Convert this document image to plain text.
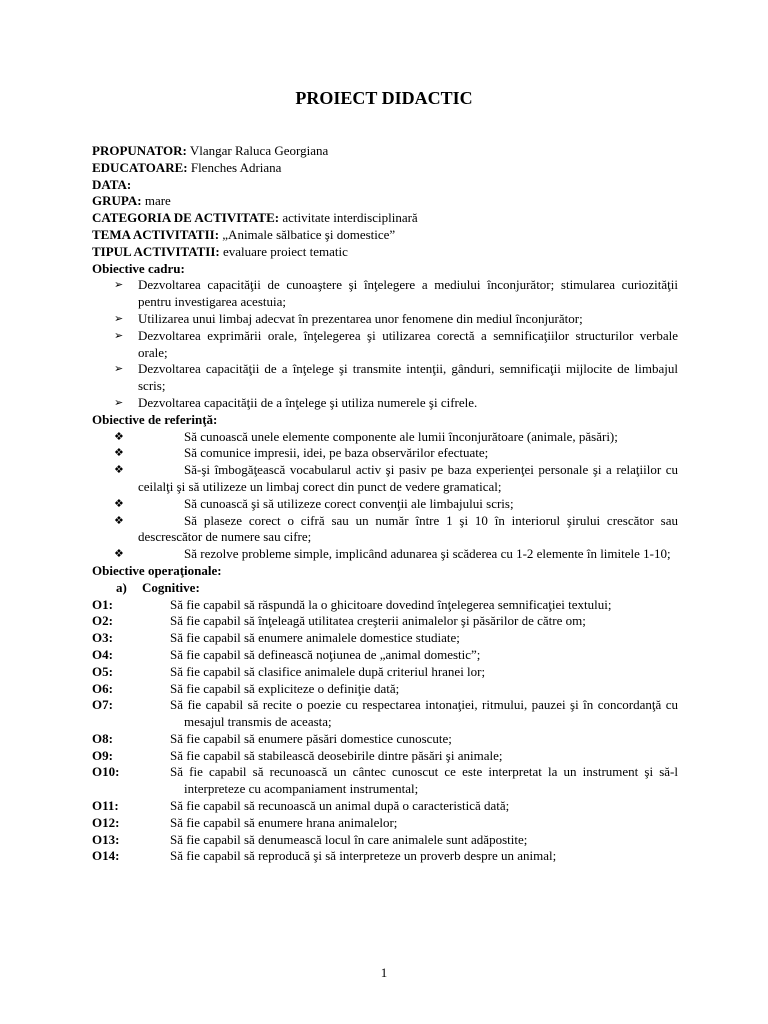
PROIECT DIDACTIC

PROPUNATOR: Vlangar Raluca Georgiana

EDUCATOARE: Flenches Adriana

DATA:

GRUPA: mare

CATEGORIA DE ACTIVITATE: activitate interdisciplinară

TEMA ACTIVITATII: „Animale sălbatice şi domestice”

TIPUL ACTIVITATII: evaluare proiect tematic

Obiective cadru:

➢ Dezvoltarea capacităţii de cunoaştere şi înţelegere a mediului înconjurător; stimularea curiozităţii pentru investigarea acestuia;

➢ Utilizarea unui limbaj adecvat în prezentarea unor fenomene din mediul înconjurător;

➢ Dezvoltarea exprimării orale, înţelegerea şi utilizarea corectă a semnificaţiilor structurilor verbale orale;

➢ Dezvoltarea capacităţii de a înţelege şi transmite intenţii, gânduri, semnificaţii mijlocite de limbajul scris;

➢ Dezvoltarea capacităţii de a înţelege şi utiliza numerele şi cifrele.

Obiective de referinţă:

❖	Să cunoască unele elemente componente ale lumii înconjurătoare (animale, păsări);

❖	Să comunice impresii, idei, pe baza observărilor efectuate;

❖	Să-şi îmbogăţească vocabularul activ şi pasiv pe baza experienţei personale şi a relaţiilor cu ceilalţi şi să utilizeze un limbaj corect din punct de vedere gramatical;

❖	Să cunoască şi să utilizeze corect convenţii ale limbajului scris;

❖	Să plaseze corect o cifră sau un număr între 1 şi 10 în interiorul şirului crescător sau descrescător de numere sau cifre;

❖	Să rezolve probleme simple, implicând adunarea şi scăderea cu 1-2 elemente în limitele 1-10;

Obiective operaţionale:

a) Cognitive:

O1:	Să fie capabil să răspundă la o ghicitoare dovedind înţelegerea semnificaţiei textului;

O2:	Să fie capabil să înţeleagă utilitatea creşterii animalelor şi păsărilor de către om;

O3:	Să fie capabil să enumere animalele domestice studiate;

O4:	Să fie capabil să definească noţiunea de „animal domestic”;

O5:	Să fie capabil să clasifice animalele după criteriul hranei lor;

O6:	Să fie capabil să expliciteze o definiţie dată;

O7:	Să fie capabil să recite o poezie cu respectarea intonaţiei, ritmului, pauzei şi în concordanţă cu mesajul transmis de aceasta;

O8:	Să fie capabil să enumere păsări domestice cunoscute;

O9:	Să fie capabil să stabilească deosebirile dintre păsări şi animale;

O10:	Să fie capabil să recunoască un cântec cunoscut ce este interpretat la un instrument şi să-l interpreteze cu acompaniament instrumental;

O11:	Să fie capabil să recunoască un animal după o caracteristică dată;

O12:	Să fie capabil să enumere hrana animalelor;

O13:	Să fie capabil să denumească locul în care animalele sunt adăpostite;

O14:	Să fie capabil să reproducă şi să interpreteze un proverb despre un animal;

1
